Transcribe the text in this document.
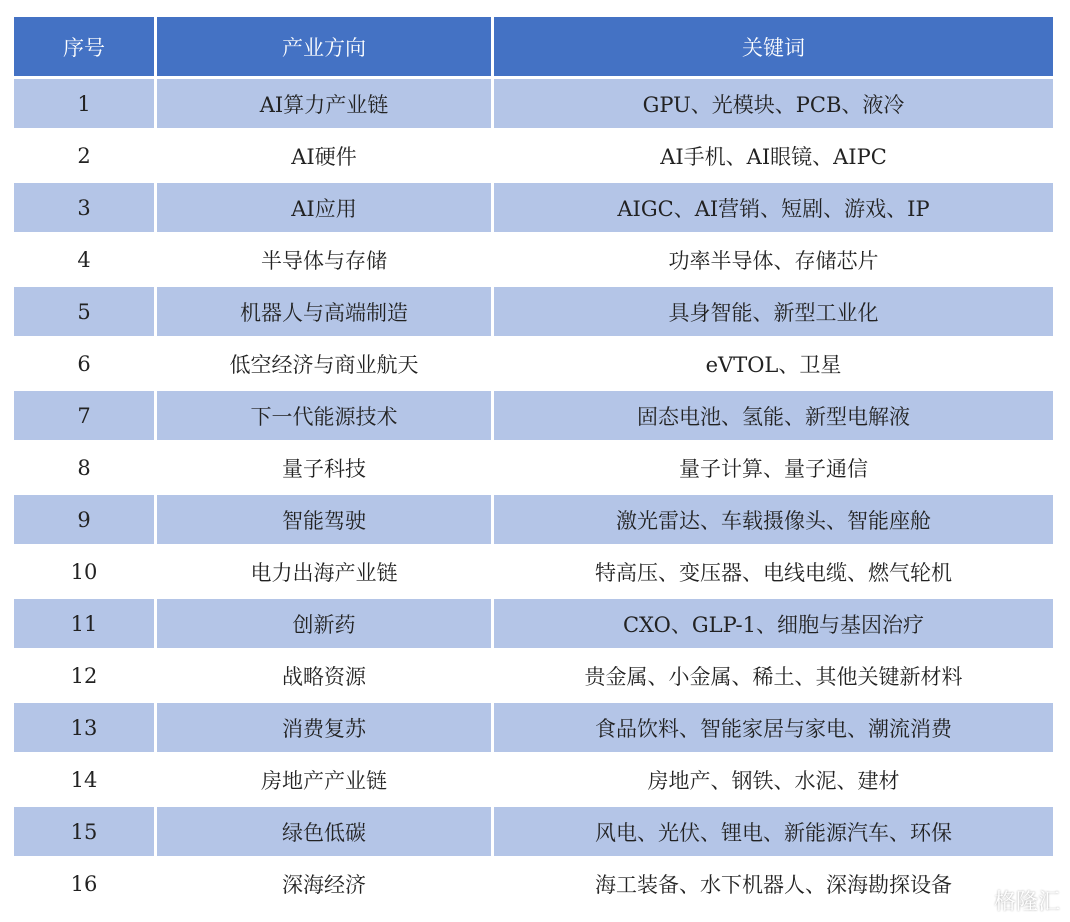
序号	产业方向	关键词
1	AI算力产业链	GPU、光模块、PCB、液冷
2	AI硬件	AI手机、AI眼镜、AIPC
3	AI应用	AIGC、AI营销、短剧、游戏、IP
4	半导体与存储	功率半导体、存储芯片
5	机器人与高端制造	具身智能、新型工业化
6	低空经济与商业航天	eVTOL、卫星
7	下一代能源技术	固态电池、氢能、新型电解液
8	量子科技	量子计算、量子通信
9	智能驾驶	激光雷达、车载摄像头、智能座舱
10	电力出海产业链	特高压、变压器、电线电缆、燃气轮机
11	创新药	CXO、GLP-1、细胞与基因治疗
12	战略资源	贵金属、小金属、稀土、其他关键新材料
13	消费复苏	食品饮料、智能家居与家电、潮流消费
14	房地产产业链	房地产、钢铁、水泥、建材
15	绿色低碳	风电、光伏、锂电、新能源汽车、环保
16	深海经济	海工装备、水下机器人、深海勘探设备
格隆汇
